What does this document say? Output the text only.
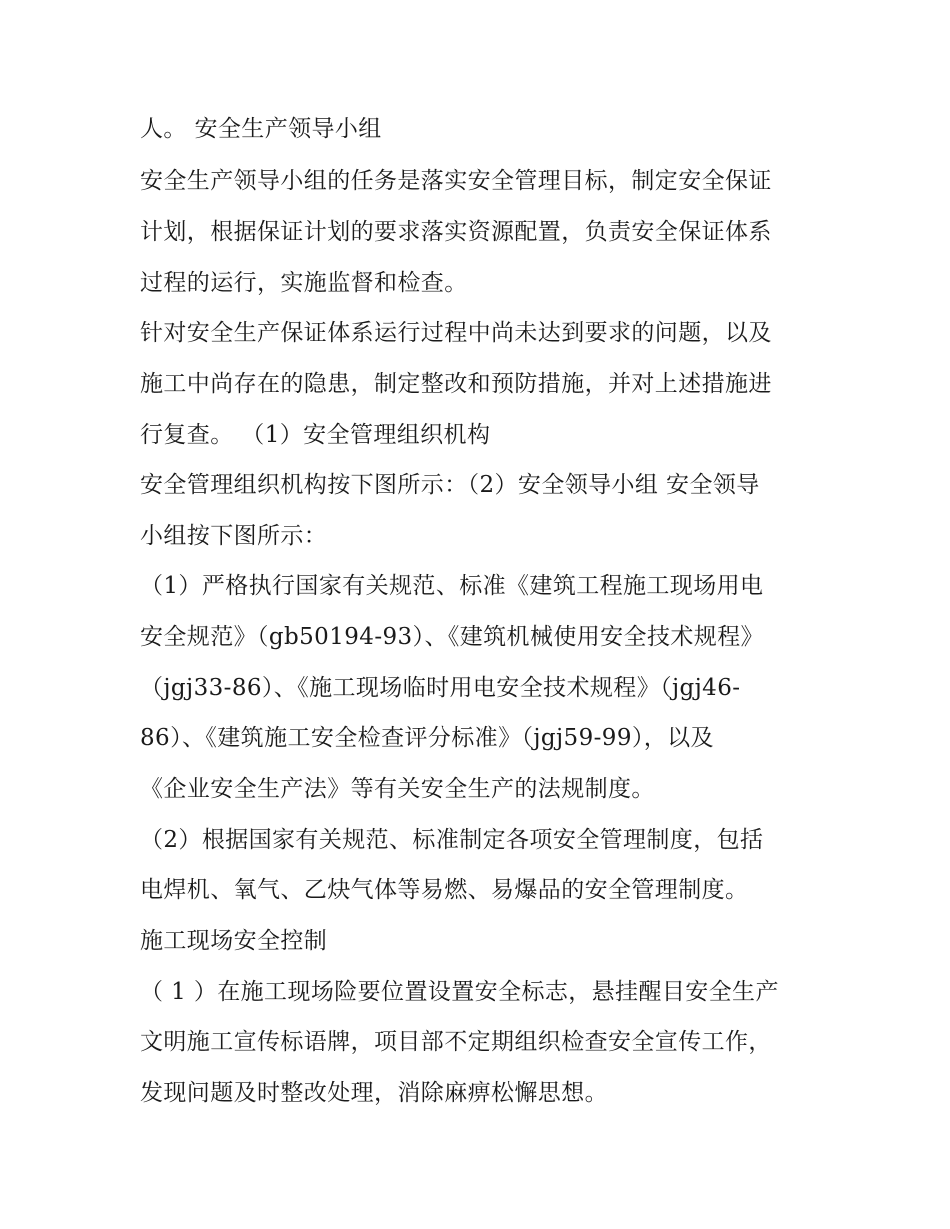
人。 安全生产领导小组
安全生产领导小组的任务是落实安全管理目标，制定安全保证
计划，根据保证计划的要求落实资源配置，负责安全保证体系
过程的运行，实施监督和检查。
针对安全生产保证体系运行过程中尚未达到要求的问题，以及
施工中尚存在的隐患，制定整改和预防措施，并对上述措施进
行复查。 （1）安全管理组织机构
安全管理组织机构按下图所示：（2）安全领导小组 安全领导
小组按下图所示：
（1）严格执行国家有关规范、标准《建筑工程施工现场用电
安全规范》（gb50194-93）、《建筑机械使用安全技术规程》
（jgj33-86）、《施工现场临时用电安全技术规程》（jgj46-
86）、《建筑施工安全检查评分标准》（jgj59-99），以及
《企业安全生产法》等有关安全生产的法规制度。
（2）根据国家有关规范、标准制定各项安全管理制度，包括
电焊机、氧气、乙炔气体等易燃、易爆品的安全管理制度。
施工现场安全控制
（ 1 ）在施工现场险要位置设置安全标志，悬挂醒目安全生产
文明施工宣传标语牌，项目部不定期组织检查安全宣传工作，
发现问题及时整改处理，消除麻痹松懈思想。
